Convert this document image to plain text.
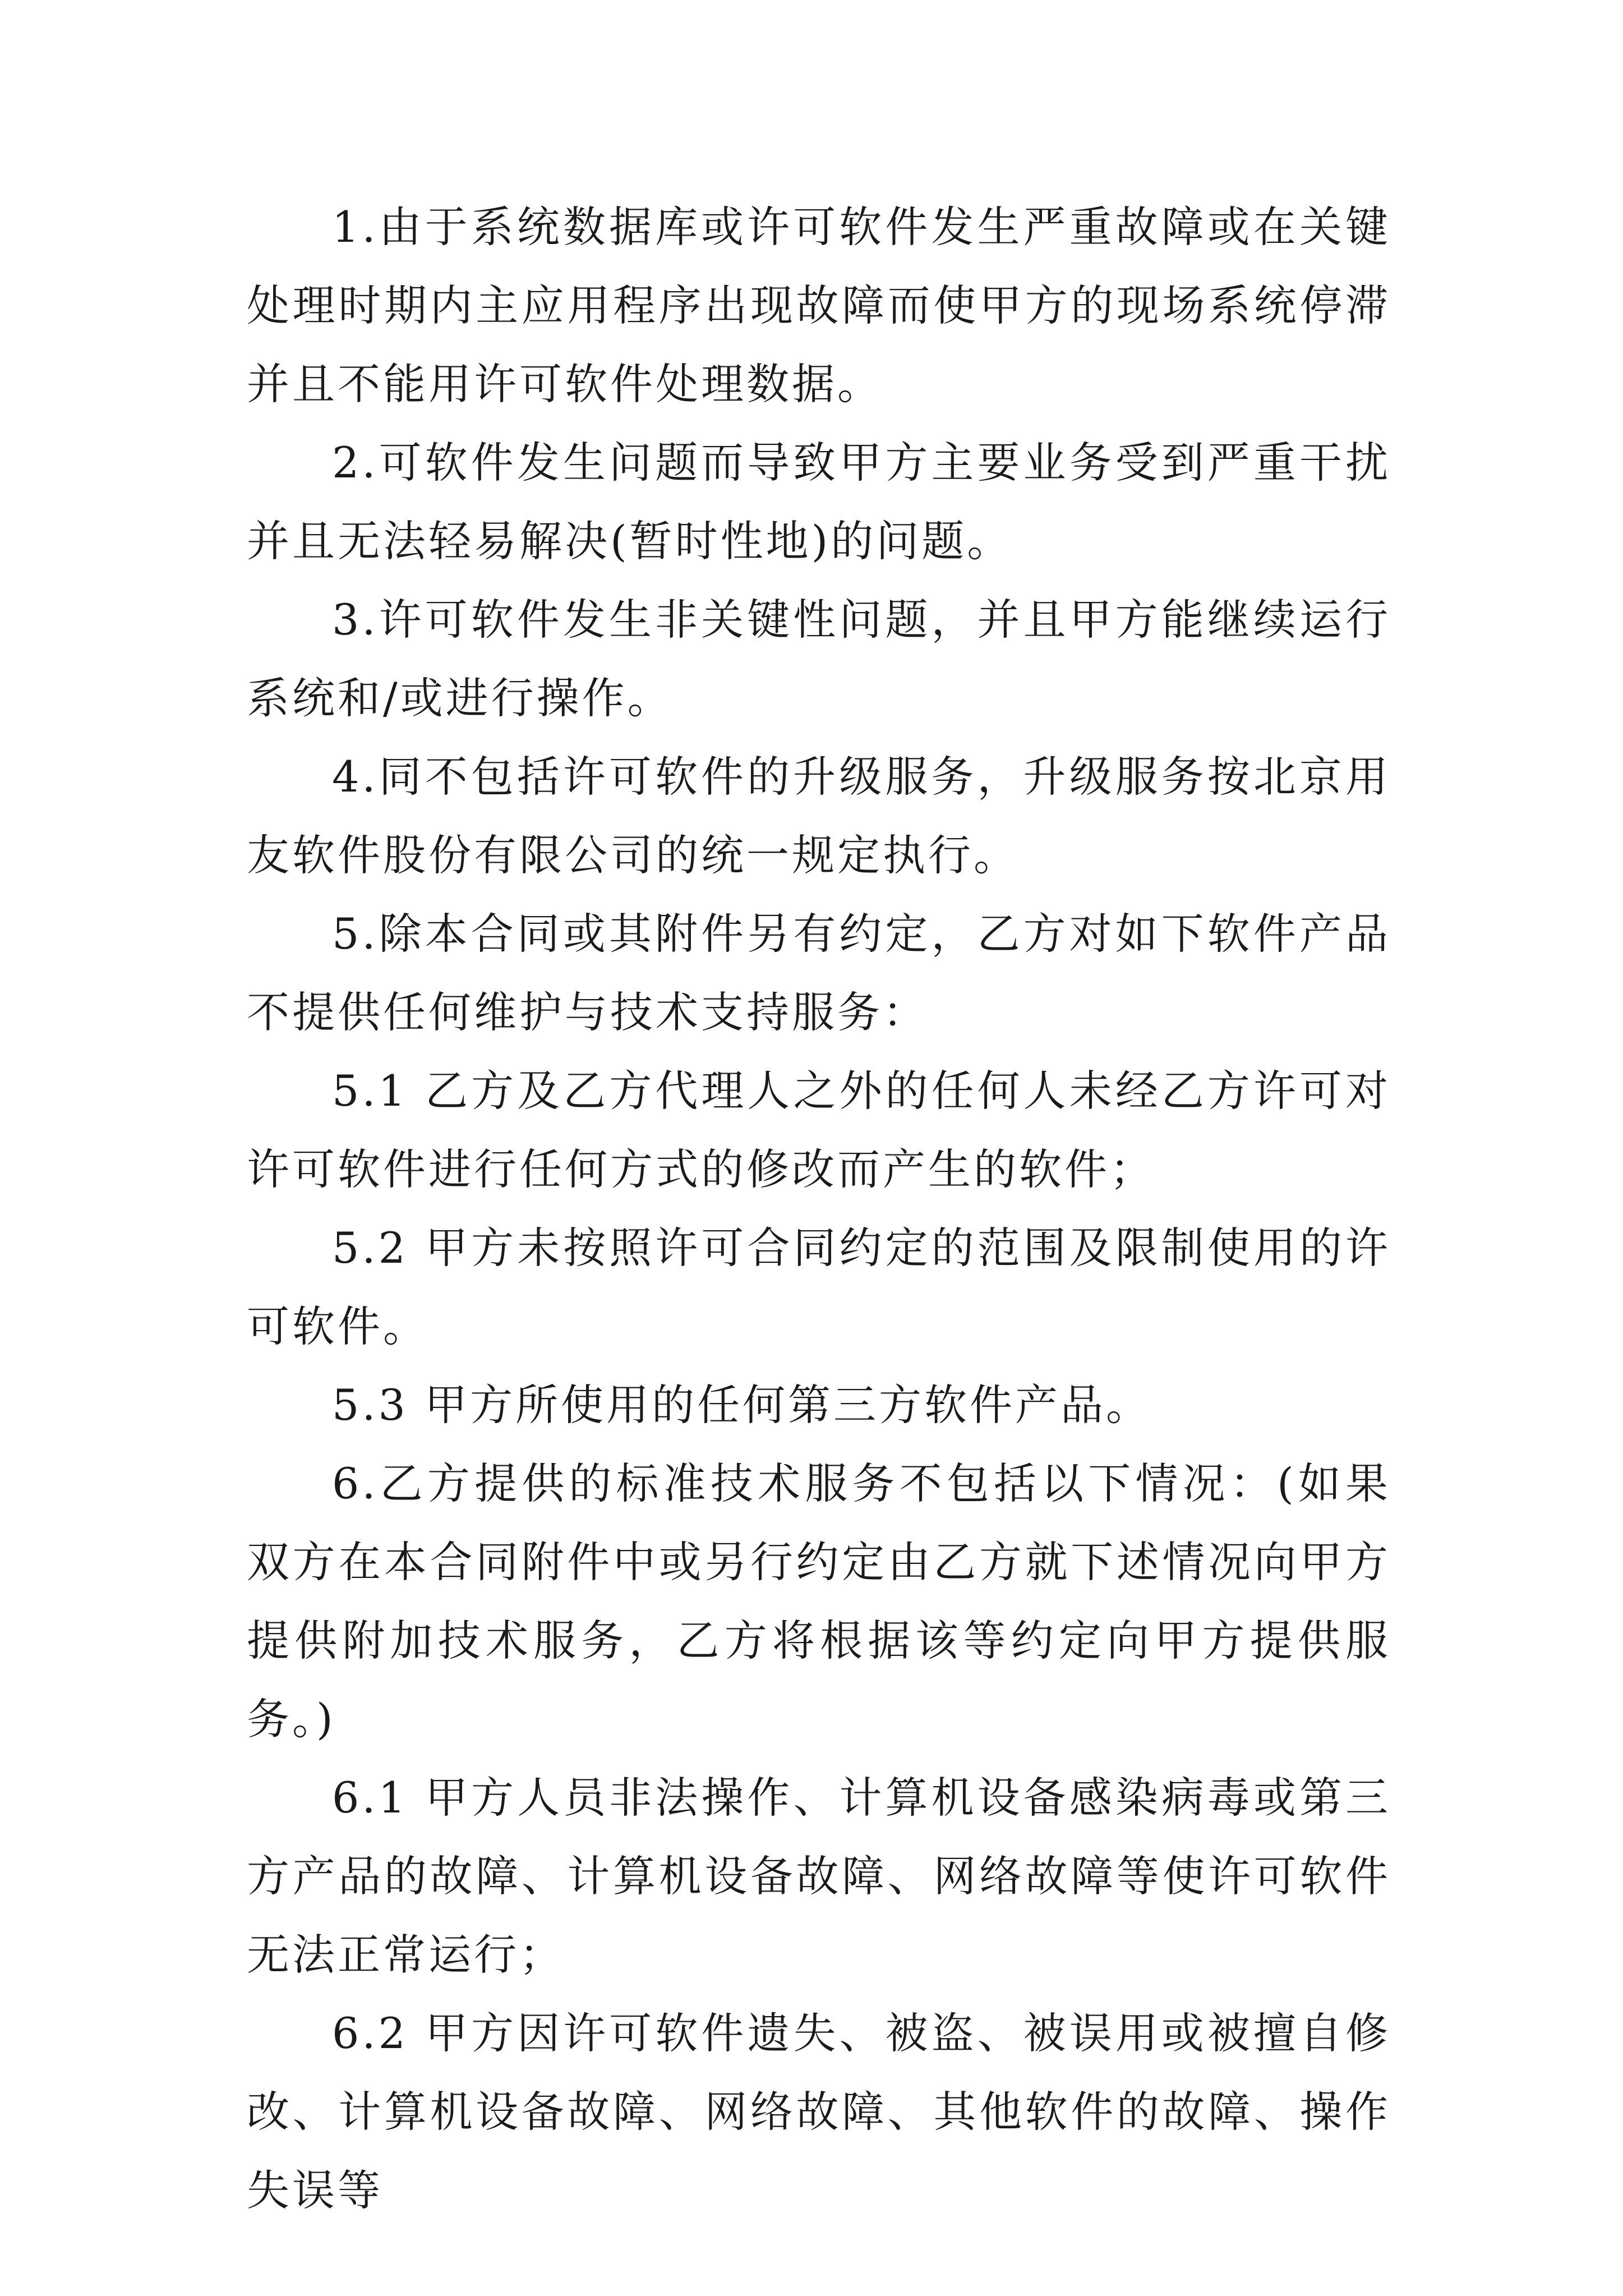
1.由于系统数据库或许可软件发生严重故障或在关键处理时期内主应用程序出现故障而使甲方的现场系统停滞并且不能用许可软件处理数据。

2.可软件发生问题而导致甲方主要业务受到严重干扰并且无法轻易解决(暂时性地)的问题。

3.许可软件发生非关键性问题，并且甲方能继续运行系统和/或进行操作。

4.同不包括许可软件的升级服务，升级服务按北京用友软件股份有限公司的统一规定执行。

5.除本合同或其附件另有约定，乙方对如下软件产品不提供任何维护与技术支持服务：

5.1 乙方及乙方代理人之外的任何人未经乙方许可对许可软件进行任何方式的修改而产生的软件；

5.2 甲方未按照许可合同约定的范围及限制使用的许可软件。

5.3 甲方所使用的任何第三方软件产品。

6.乙方提供的标准技术服务不包括以下情况：(如果双方在本合同附件中或另行约定由乙方就下述情况向甲方提供附加技术服务，乙方将根据该等约定向甲方提供服务。)

6.1 甲方人员非法操作、计算机设备感染病毒或第三方产品的故障、计算机设备故障、网络故障等使许可软件无法正常运行；

6.2 甲方因许可软件遗失、被盗、被误用或被擅自修改、计算机设备故障、网络故障、其他软件的故障、操作失误等
